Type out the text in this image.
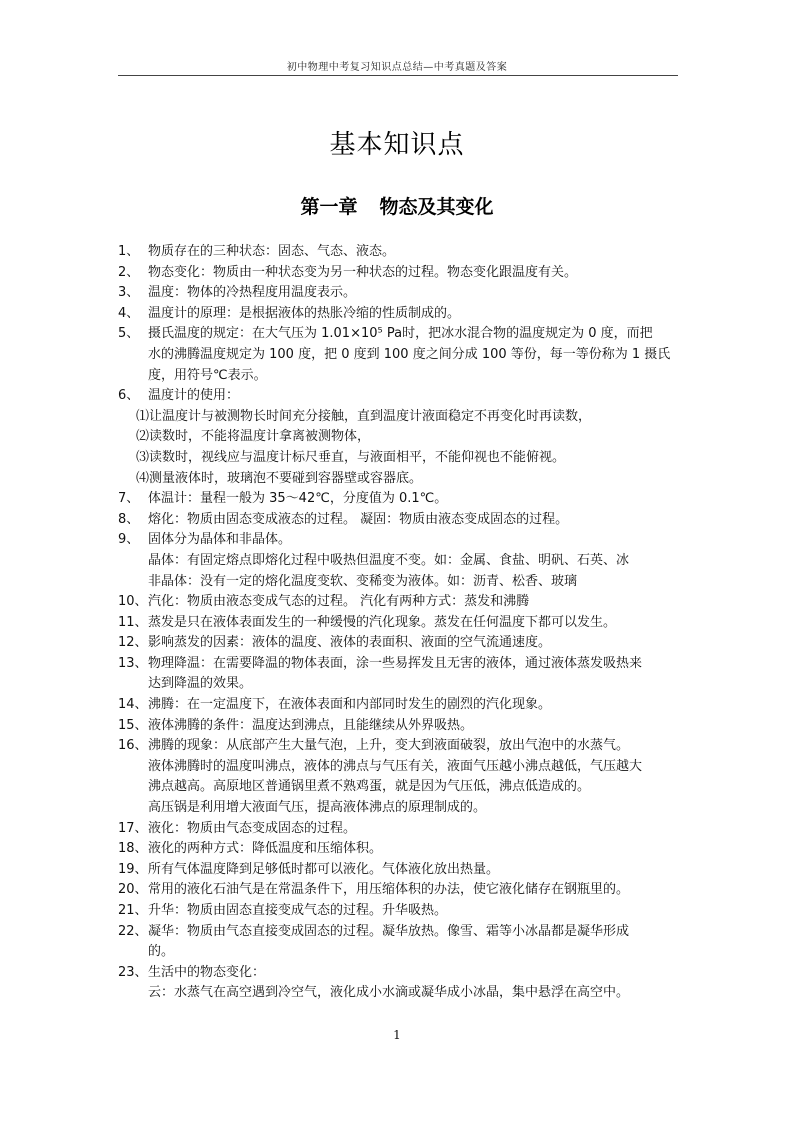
初中物理中考复习知识点总结—中考真题及答案
基本知识点
第一章 物态及其变化
1、 物质存在的三种状态：固态、气态、液态。
2、 物态变化：物质由一种状态变为另一种状态的过程。物态变化跟温度有关。
3、 温度：物体的冷热程度用温度表示。
4、 温度计的原理：是根据液体的热胀冷缩的性质制成的。
5、 摄氏温度的规定：在大气压为 1.01×10⁵ Pa时，把冰水混合物的温度规定为 0 度，而把
水的沸腾温度规定为 100 度，把 0 度到 100 度之间分成 100 等份，每一等份称为 1 摄氏
度，用符号℃表示。
6、 温度计的使用：
⑴让温度计与被测物长时间充分接触，直到温度计液面稳定不再变化时再读数，
⑵读数时，不能将温度计拿离被测物体，
⑶读数时，视线应与温度计标尺垂直，与液面相平，不能仰视也不能俯视。
⑷测量液体时，玻璃泡不要碰到容器壁或容器底。
7、 体温计：量程一般为 35～42℃，分度值为 0.1℃。
8、 熔化：物质由固态变成液态的过程。 凝固：物质由液态变成固态的过程。
9、 固体分为晶体和非晶体。
晶体：有固定熔点即熔化过程中吸热但温度不变。如：金属、食盐、明矾、石英、冰
非晶体：没有一定的熔化温度变软、变稀变为液体。如：沥青、松香、玻璃
10、 汽化：物质由液态变成气态的过程。 汽化有两种方式：蒸发和沸腾
11、 蒸发是只在液体表面发生的一种缓慢的汽化现象。蒸发在任何温度下都可以发生。
12、 影响蒸发的因素：液体的温度、液体的表面积、液面的空气流通速度。
13、 物理降温：在需要降温的物体表面，涂一些易挥发且无害的液体，通过液体蒸发吸热来
达到降温的效果。
14、 沸腾：在一定温度下，在液体表面和内部同时发生的剧烈的汽化现象。
15、 液体沸腾的条件：温度达到沸点，且能继续从外界吸热。
16、 沸腾的现象：从底部产生大量气泡，上升，变大到液面破裂，放出气泡中的水蒸气。
液体沸腾时的温度叫沸点，液体的沸点与气压有关，液面气压越小沸点越低，气压越大
沸点越高。高原地区普通锅里煮不熟鸡蛋，就是因为气压低，沸点低造成的。
高压锅是利用增大液面气压，提高液体沸点的原理制成的。
17、 液化：物质由气态变成固态的过程。
18、 液化的两种方式：降低温度和压缩体积。
19、 所有气体温度降到足够低时都可以液化。气体液化放出热量。
20、 常用的液化石油气是在常温条件下，用压缩体积的办法，使它液化储存在钢瓶里的。
21、 升华：物质由固态直接变成气态的过程。升华吸热。
22、 凝华：物质由气态直接变成固态的过程。凝华放热。像雪、霜等小冰晶都是凝华形成
的。
23、 生活中的物态变化：
云：水蒸气在高空遇到冷空气，液化成小水滴或凝华成小冰晶，集中悬浮在高空中。
1
